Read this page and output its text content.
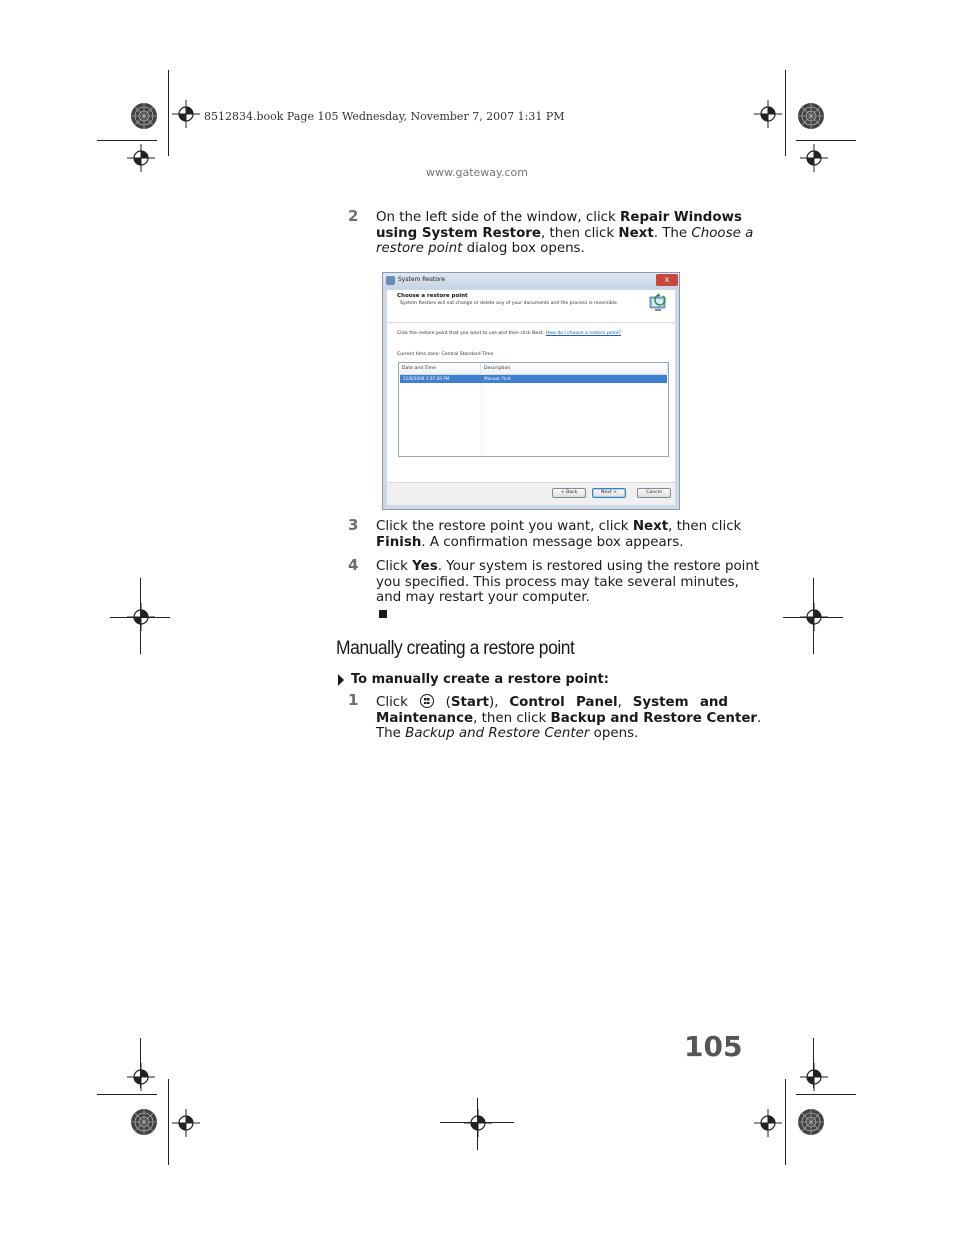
8512834.book Page 105 Wednesday, November 7, 2007 1:31 PM
www.gateway.com
2 On the left side of the window, click Repair Windows
using System Restore, then click Next. The Choose a
restore point dialog box opens.
System Restore	x
Choose a restore point
System Restore will not change or delete any of your documents and the process is reversible.
Click the restore point that you want to use and then click Next. How do I choose a restore point?
Current time zone: Central Standard Time
Date and Time	Description
11/6/2008 3:37:26 PM	Manual: First
< Back	Next >	Cancel
3 Click the restore point you want, click Next, then click
Finish. A confirmation message box appears.
4 Click Yes. Your system is restored using the restore point
you specified. This process may take several minutes,
and may restart your computer.
Manually creating a restore point
To manually create a restore point:
1 Click  (Start), Control Panel, System and
Maintenance, then click Backup and Restore Center.
The Backup and Restore Center opens.
105
